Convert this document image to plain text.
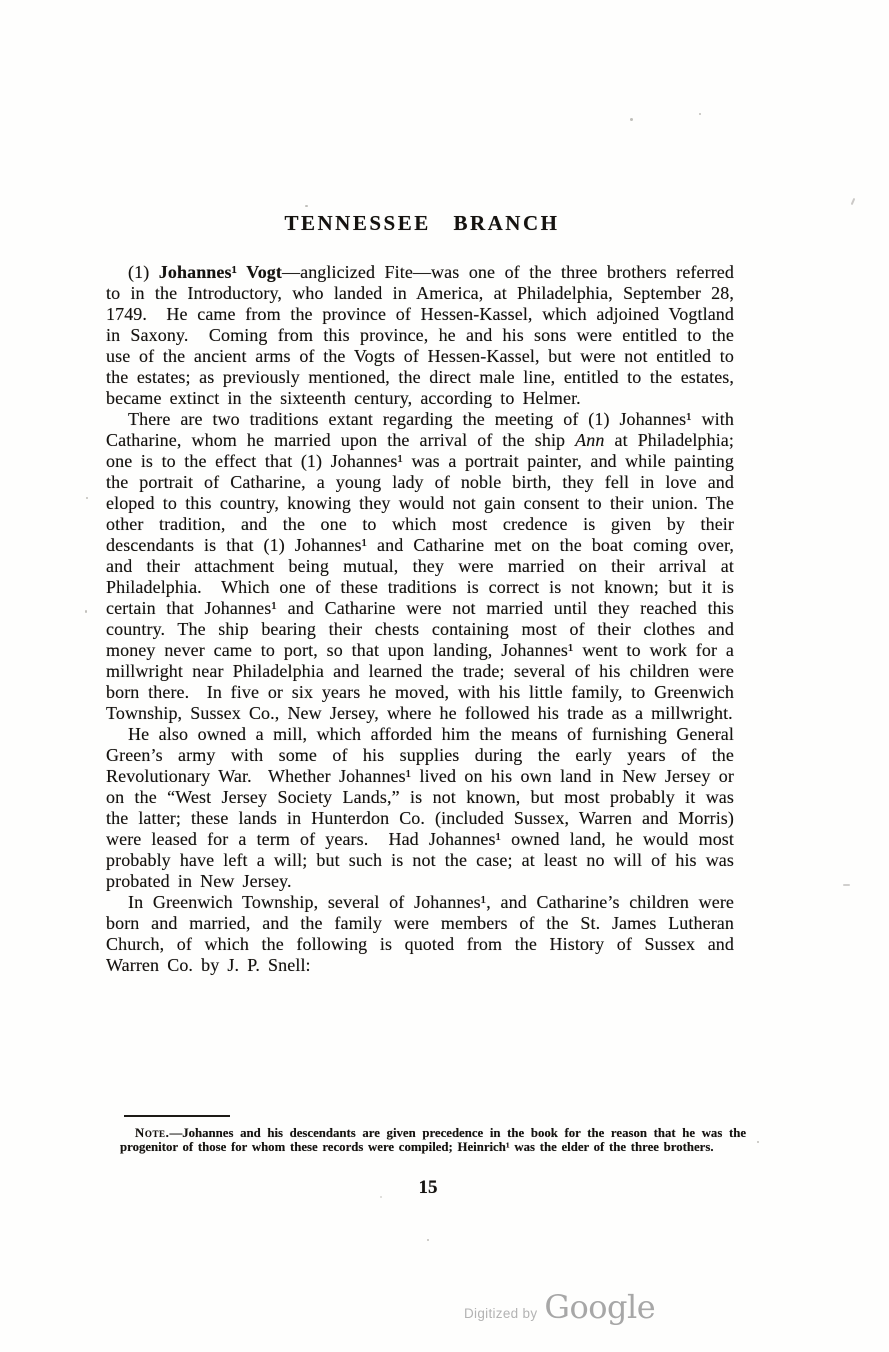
TENNESSEE BRANCH

(1) Johannes¹ Vogt—anglicized Fite—was one of the three brothers referred to in the Introductory, who landed in America, at Philadelphia, September 28, 1749.  He came from the province of Hessen-Kassel, which adjoined Vogtland in Saxony.  Coming from this province, he and his sons were entitled to the use of the ancient arms of the Vogts of Hessen-Kassel, but were not entitled to the estates; as previously mentioned, the direct male line, entitled to the estates, became extinct in the sixteenth century, according to Helmer.

There are two traditions extant regarding the meeting of (1) Johannes¹ with Catharine, whom he married upon the arrival of the ship Ann at Philadelphia; one is to the effect that (1) Johannes¹ was a portrait painter, and while painting the portrait of Catharine, a young lady of noble birth, they fell in love and eloped to this country, knowing they would not gain consent to their union. The other tradition, and the one to which most credence is given by their descendants is that (1) Johannes¹ and Catharine met on the boat coming over, and their attachment being mutual, they were married on their arrival at Philadelphia.  Which one of these traditions is correct is not known; but it is certain that Johannes¹ and Catharine were not married until they reached this country. The ship bearing their chests containing most of their clothes and money never came to port, so that upon landing, Johannes¹ went to work for a millwright near Philadelphia and learned the trade; several of his children were born there.  In five or six years he moved, with his little family, to Greenwich Township, Sussex Co., New Jersey, where he followed his trade as a millwright.

He also owned a mill, which afforded him the means of furnishing General Green’s army with some of his supplies during the early years of the Revolutionary War.  Whether Johannes¹ lived on his own land in New Jersey or on the “West Jersey Society Lands,” is not known, but most probably it was the latter; these lands in Hunterdon Co. (included Sussex, Warren and Morris) were leased for a term of years.  Had Johannes¹ owned land, he would most probably have left a will; but such is not the case; at least no will of his was probated in New Jersey.

In Greenwich Township, several of Johannes¹, and Catharine’s children were born and married, and the family were members of the St. James Lutheran Church, of which the following is quoted from the History of Sussex and Warren Co. by J. P. Snell:

Note.—Johannes and his descendants are given precedence in the book for the reason that he was the progenitor of those for whom these records were compiled; Heinrich¹ was the elder of the three brothers.
15
Digitized by Google
